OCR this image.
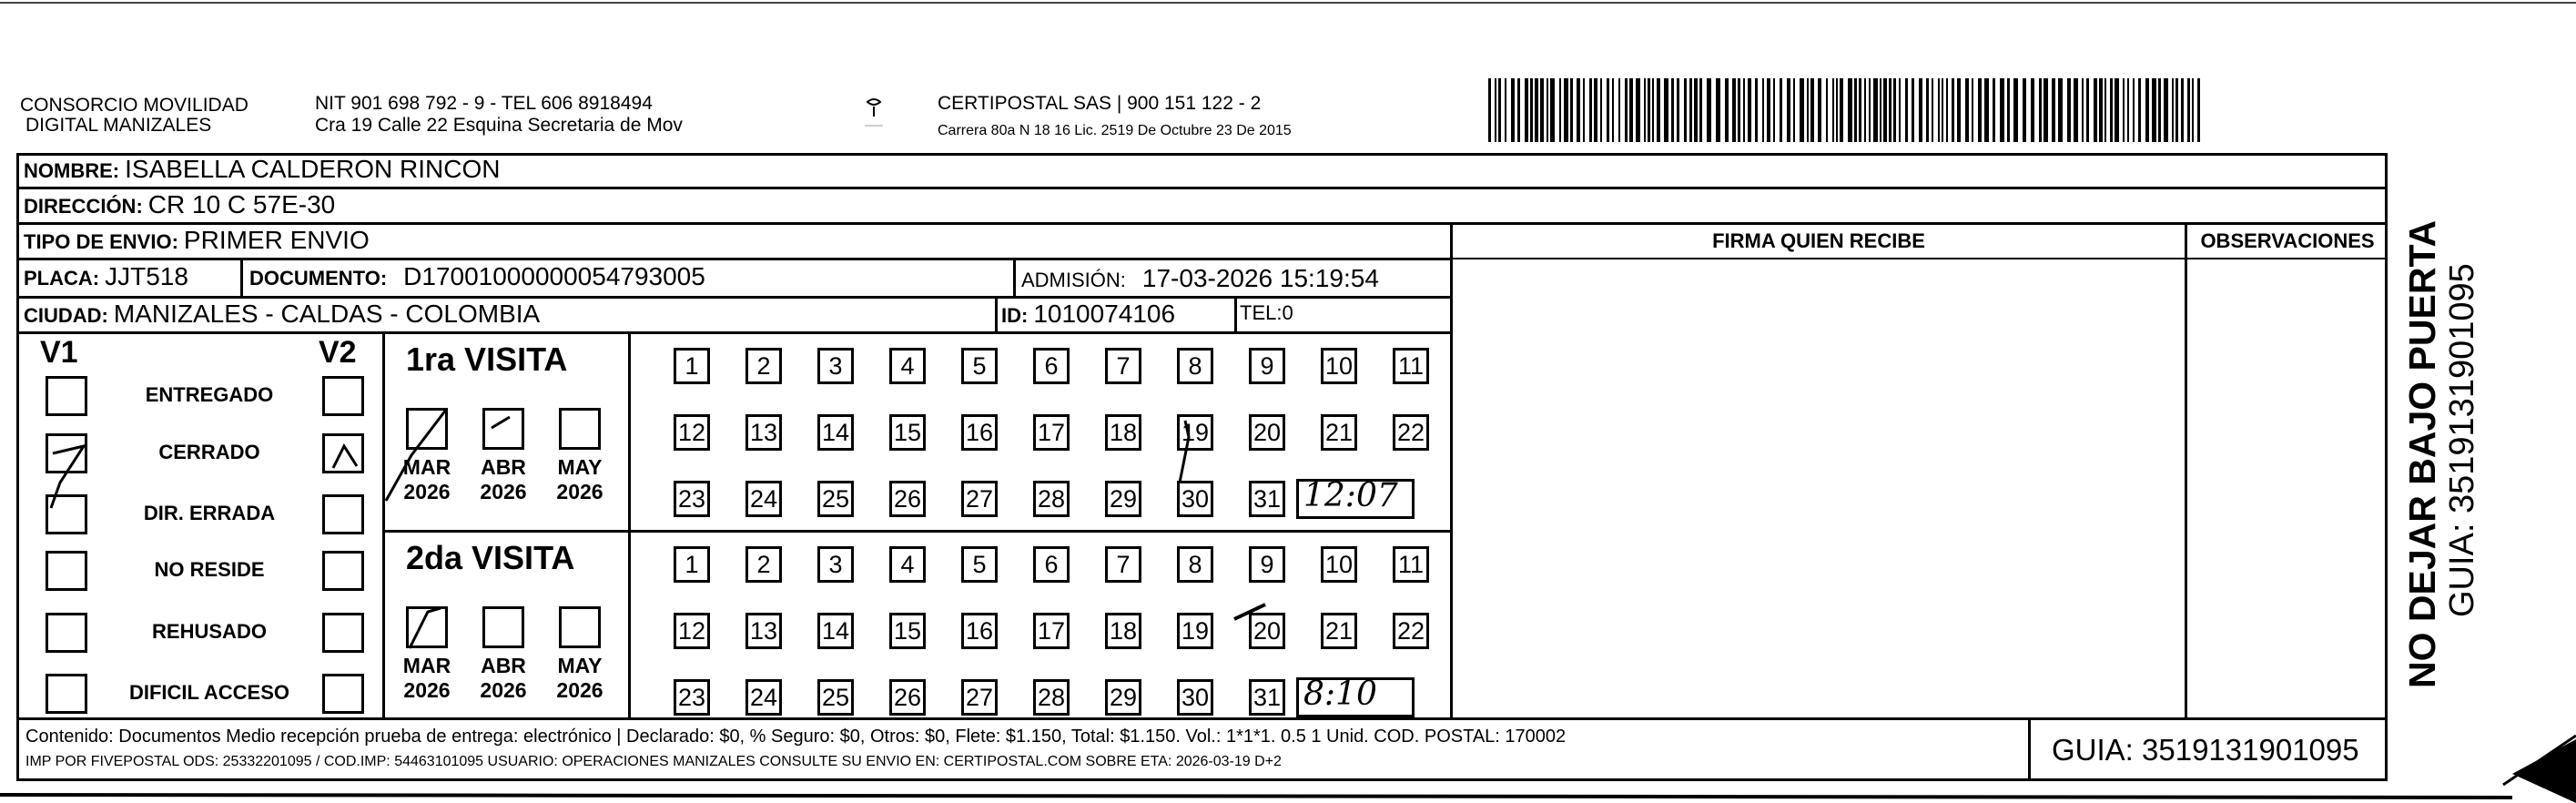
CONSORCIO MOVILIDAD
DIGITAL MANIZALES
NIT 901 698 792 - 9 - TEL 606 8918494
Cra 19 Calle 22 Esquina Secretaria de Mov
CERTIPOSTAL SAS | 900 151 122 - 2
Carrera 80a N 18 16 Lic. 2519 De Octubre 23 De 2015
NOMBRE: ISABELLA CALDERON RINCON
DIRECCIÓN: CR 10 C 57E-30
TIPO DE ENVIO: PRIMER ENVIO
PLACA: JJT518	DOCUMENTO: D17001000000054793005	ADMISIÓN: 17-03-2026 15:19:54
CIUDAD: MANIZALES - CALDAS - COLOMBIA	ID: 1010074106	TEL: 0
FIRMA QUIEN RECIBE	OBSERVACIONES
V1	V2
ENTREGADO
CERRADO
DIR. ERRADA
NO RESIDE
REHUSADO
DIFICIL ACCESO
1ra VISITA
MAR
2026
ABR
2026
MAY
2026
1	2	3	4	5	6	7	8	9	10 11
12 13 14 15 16 17 18 19 20 21 22
23 24 25 26 27 28 29 30 31 12:07
2da VISITA
MAR
2026
ABR
2026
MAY
2026
1	2	3	4	5	6	7	8	9	10 11
12 13 14 15 16 17 18 19 20 21 22
23 24 25 26 27 28 29 30 31 8:10
Contenido: Documentos Medio recepción prueba de entrega: electrónico | Declarado: $0, % Seguro: $0, Otros: $0, Flete: $1.150, Total: $1.150. Vol.: 1*1*1. 0.5 1 Unid. COD. POSTAL: 170002
IMP POR FIVEPOSTAL ODS: 25332201095 / COD.IMP: 54463101095 USUARIO: OPERACIONES MANIZALES CONSULTE SU ENVIO EN: CERTIPOSTAL.COM SOBRE ETA: 2026-03-19 D+2	GUIA: 3519131901095
NO DEJAR BAJO PUERTA GUIA: 3519131901095
